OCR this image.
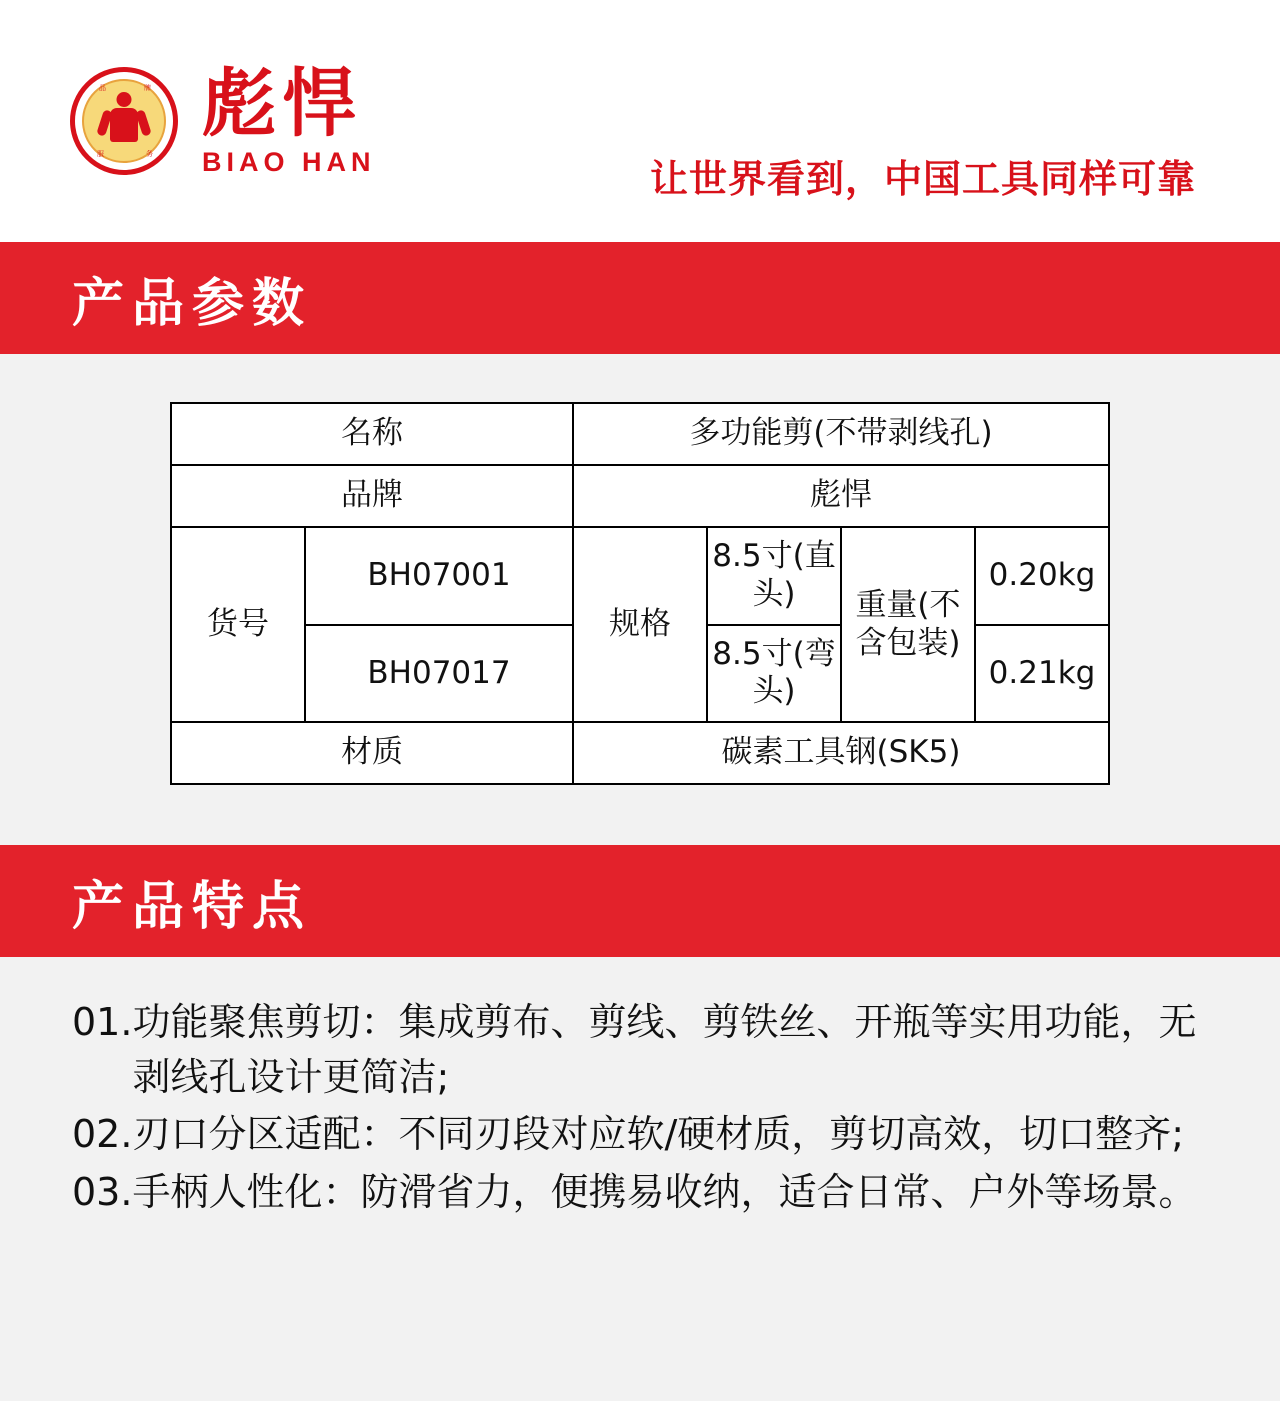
品	牌
服	务
彪悍
BIAO HAN	让世界看到，中国工具同样可靠
产品参数
名称		多功能剪(不带剥线孔)			
品牌		彪悍			
货号	BH07001	规格	8.5寸(直头)	重量(不含包装)	0.20kg
	BH07017		8.5寸(弯头)		0.21kg
材质		碳素工具钢(SK5)			
产品特点
01. 功能聚焦剪切：集成剪布、剪线、剪铁丝、开瓶等实用功能，无剥线孔设计更简洁;
02. 刃口分区适配：不同刃段对应软/硬材质，剪切高效，切口整齐;
03. 手柄人性化：防滑省力，便携易收纳，适合日常、户外等场景。
